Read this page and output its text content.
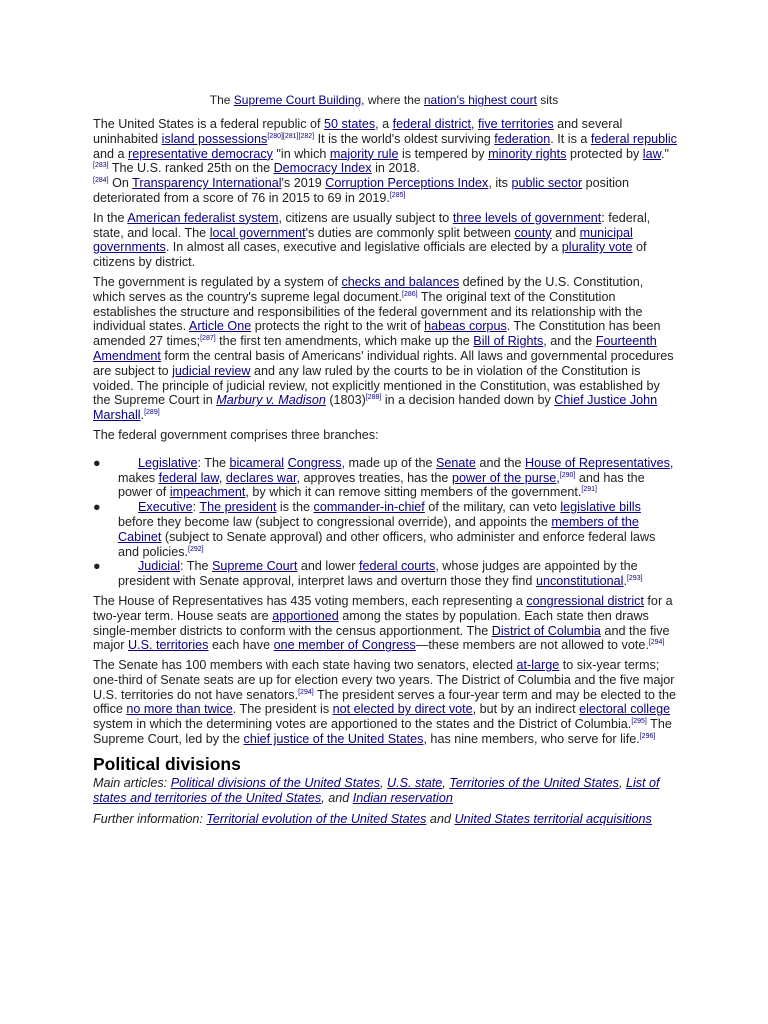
The Supreme Court Building, where the nation's highest court sits

The United States is a federal republic of 50 states, a federal district, five territories and several uninhabited island possessions[280][281][282] It is the world's oldest surviving federation. It is a federal republic and a representative democracy "in which majority rule is tempered by minority rights protected by law."[283] The U.S. ranked 25th on the Democracy Index in 2018.
[284] On Transparency International's 2019 Corruption Perceptions Index, its public sector position deteriorated from a score of 76 in 2015 to 69 in 2019.[285]

In the American federalist system, citizens are usually subject to three levels of government: federal, state, and local. The local government's duties are commonly split between county and municipal governments. In almost all cases, executive and legislative officials are elected by a plurality vote of citizens by district.

The government is regulated by a system of checks and balances defined by the U.S. Constitution, which serves as the country's supreme legal document.[286] The original text of the Constitution establishes the structure and responsibilities of the federal government and its relationship with the individual states. Article One protects the right to the writ of habeas corpus. The Constitution has been amended 27 times;[287] the first ten amendments, which make up the Bill of Rights, and the Fourteenth Amendment form the central basis of Americans' individual rights. All laws and governmental procedures are subject to judicial review and any law ruled by the courts to be in violation of the Constitution is voided. The principle of judicial review, not explicitly mentioned in the Constitution, was established by the Supreme Court in Marbury v. Madison (1803)[288] in a decision handed down by Chief Justice John Marshall.[289]

The federal government comprises three branches:

●	Legislative: The bicameral Congress, made up of the Senate and the House of Representatives, makes federal law, declares war, approves treaties, has the power of the purse,[290] and has the power of impeachment, by which it can remove sitting members of the government.[291]
●	Executive: The president is the commander-in-chief of the military, can veto legislative bills before they become law (subject to congressional override), and appoints the members of the Cabinet (subject to Senate approval) and other officers, who administer and enforce federal laws and policies.[292]
●	Judicial: The Supreme Court and lower federal courts, whose judges are appointed by the president with Senate approval, interpret laws and overturn those they find unconstitutional.[293]

The House of Representatives has 435 voting members, each representing a congressional district for a two-year term. House seats are apportioned among the states by population. Each state then draws single-member districts to conform with the census apportionment. The District of Columbia and the five major U.S. territories each have one member of Congress—these members are not allowed to vote.[294]

The Senate has 100 members with each state having two senators, elected at-large to six-year terms; one-third of Senate seats are up for election every two years. The District of Columbia and the five major U.S. territories do not have senators.[294] The president serves a four-year term and may be elected to the office no more than twice. The president is not elected by direct vote, but by an indirect electoral college system in which the determining votes are apportioned to the states and the District of Columbia.[295] The Supreme Court, led by the chief justice of the United States, has nine members, who serve for life.[296]

Political divisions

Main articles: Political divisions of the United States, U.S. state, Territories of the United States, List of states and territories of the United States, and Indian reservation

Further information: Territorial evolution of the United States and United States territorial acquisitions
